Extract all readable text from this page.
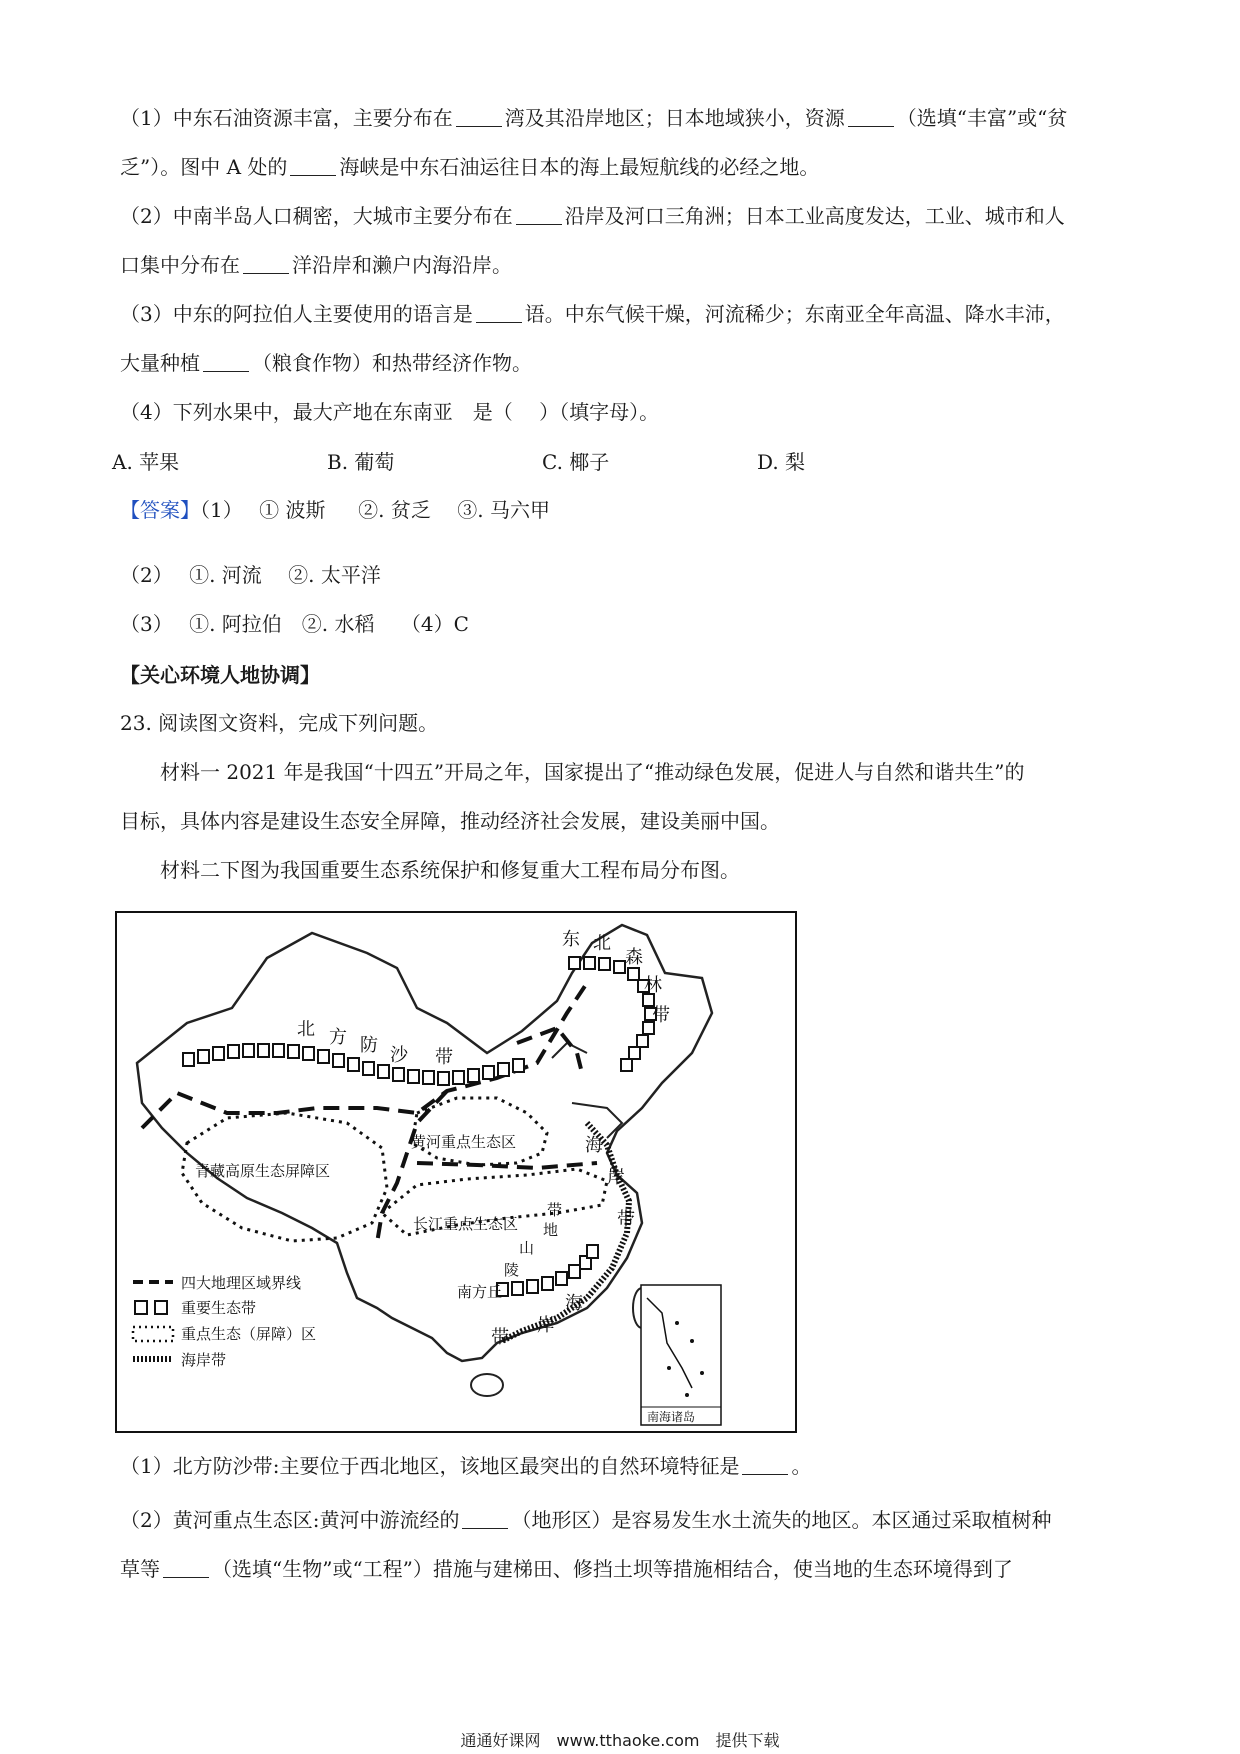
（1）中东石油资源丰富，主要分布在	湾及其沿岸地区；日本地域狭小，资源	（选填“丰富”或“贫
乏”）。图中 A 处的	海峡是中东石油运往日本的海上最短航线的必经之地。
（2）中南半岛人口稠密，大城市主要分布在	沿岸及河口三角洲；日本工业高度发达，工业、城市和人
口集中分布在	洋沿岸和濑户内海沿岸。
（3）中东的阿拉伯人主要使用的语言是	语。中东气候干燥，河流稀少；东南亚全年高温、降水丰沛，
大量种植	（粮食作物）和热带经济作物。
（4）下列水果中，最大产地在东南亚　是（　 ）（填字母）。
A. 苹果	B. 葡萄	C. 椰子	D. 梨
【答案】（1）　 ① 波斯 　 ②. 贫乏　 ③. 马六甲
（2）　 ①. 河流　 ②. 太平洋
（3）　 ①. 阿拉伯　②. 水稻　 （4）C
【关心环境人地协调】
23. 阅读图文资料，完成下列问题。
材料一 2021 年是我国“十四五”开局之年，国家提出了“推动绿色发展，促进人与自然和谐共生”的
目标，具体内容是建设生态安全屏障，推动经济社会发展，建设美丽中国。
材料二下图为我国重要生态系统保护和修复重大工程布局分布图。
东 北
森
林
带
北 方 防 沙 带
青藏高原生态屏障区
黄河重点生态区
长江重点生态区
南方丘
陵
山
地
带
海
岸
带
海
岸
带
四大地理区域界线
重要生态带
重点生态（屏障）区
海岸带
南海诸岛
（1）北方防沙带:主要位于西北地区，该地区最突出的自然环境特征是	。
（2）黄河重点生态区:黄河中游流经的	（地形区）是容易发生水土流失的地区。本区通过采取植树种
草等	（选填“生物”或“工程”）措施与建梯田、修挡土坝等措施相结合，使当地的生态环境得到了
通通好课网　www.tthaoke.com　提供下载
